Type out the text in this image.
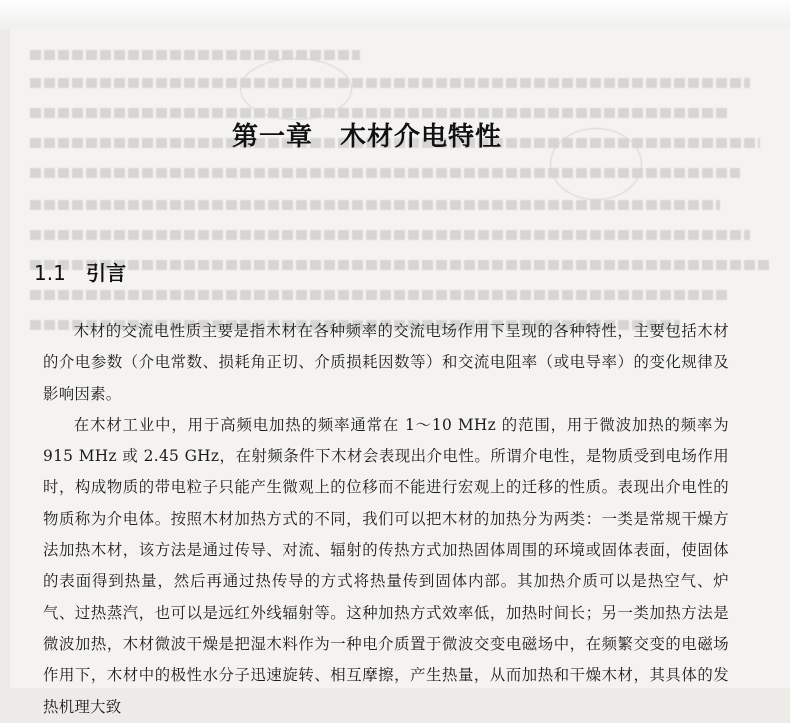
第一章　木材介电特性
1.1 引言

木材的交流电性质主要是指木材在各种频率的交流电场作用下呈现的各种特性，主要包括木材的介电参数（介电常数、损耗角正切、介质损耗因数等）和交流电阻率（或电导率）的变化规律及影响因素。

在木材工业中，用于高频电加热的频率通常在 1～10 MHz 的范围，用于微波加热的频率为 915 MHz 或 2.45 GHz，在射频条件下木材会表现出介电性。所谓介电性，是物质受到电场作用时，构成物质的带电粒子只能产生微观上的位移而不能进行宏观上的迁移的性质。表现出介电性的物质称为介电体。按照木材加热方式的不同，我们可以把木材的加热分为两类：一类是常规干燥方法加热木材，该方法是通过传导、对流、辐射的传热方式加热固体周围的环境或固体表面，使固体的表面得到热量，然后再通过热传导的方式将热量传到固体内部。其加热介质可以是热空气、炉气、过热蒸汽，也可以是远红外线辐射等。这种加热方式效率低，加热时间长；另一类加热方法是微波加热，木材微波干燥是把湿木料作为一种电介质置于微波交变电磁场中，在频繁交变的电磁场作用下，木材中的极性水分子迅速旋转、相互摩擦，产生热量，从而加热和干燥木材，其具体的发热机理大致
